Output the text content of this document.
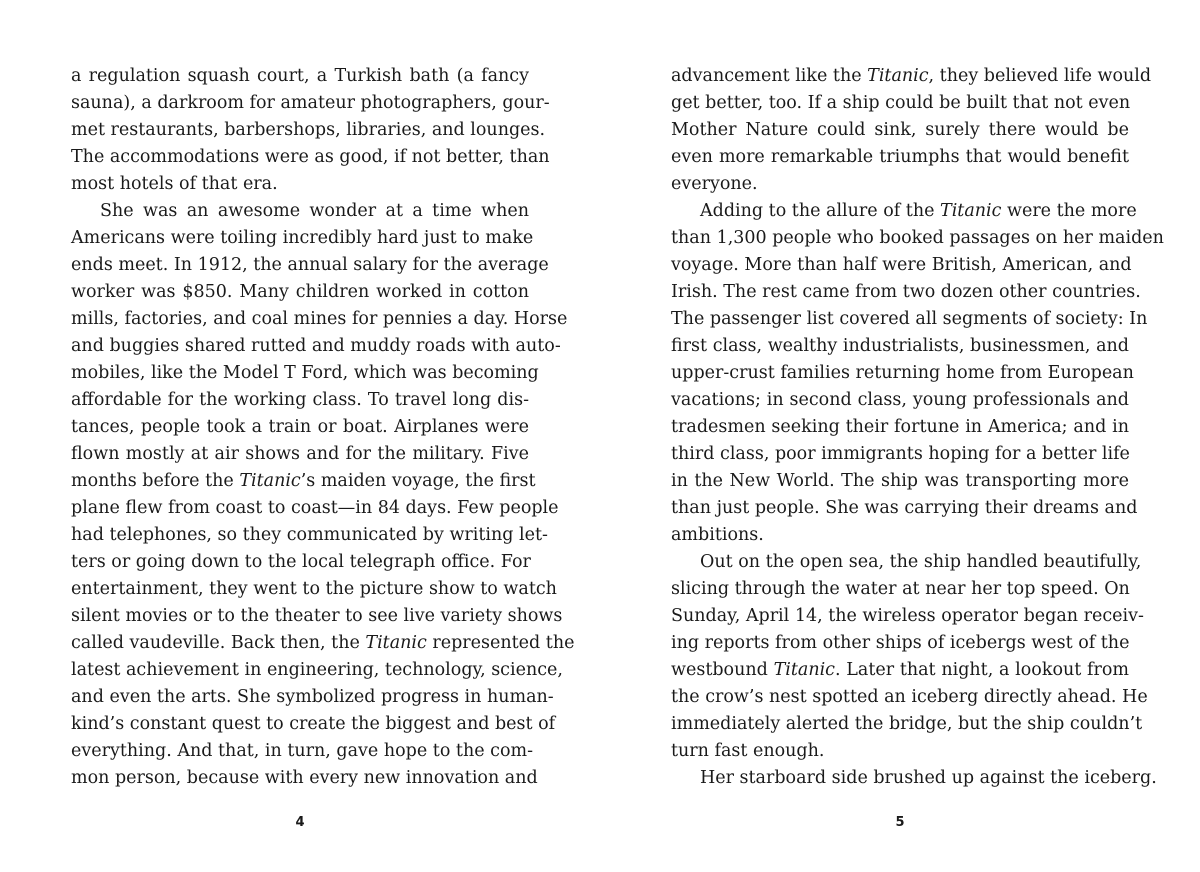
a regulation squash court, a Turkish bath (a fancy
sauna), a darkroom for amateur photographers, gour-
met restaurants, barbershops, libraries, and lounges.
The accommodations were as good, if not better, than
most hotels of that era.
She was an awesome wonder at a time when
Americans were toiling incredibly hard just to make
ends meet. In 1912, the annual salary for the average
worker was $850. Many children worked in cotton
mills, factories, and coal mines for pennies a day. Horse
and buggies shared rutted and muddy roads with auto-
mobiles, like the Model T Ford, which was becoming
affordable for the working class. To travel long dis-
tances, people took a train or boat. Airplanes were
flown mostly at air shows and for the military. Five
months before the Titanic’s maiden voyage, the first
plane flew from coast to coast—in 84 days. Few people
had telephones, so they communicated by writing let-
ters or going down to the local telegraph office. For
entertainment, they went to the picture show to watch
silent movies or to the theater to see live variety shows
called vaudeville. Back then, the Titanic represented the
latest achievement in engineering, technology, science,
and even the arts. She symbolized progress in human-
kind’s constant quest to create the biggest and best of
everything. And that, in turn, gave hope to the com-
mon person, because with every new innovation and
advancement like the Titanic, they believed life would
get better, too. If a ship could be built that not even
Mother Nature could sink, surely there would be
even more remarkable triumphs that would benefit
everyone.
Adding to the allure of the Titanic were the more
than 1,300 people who booked passages on her maiden
voyage. More than half were British, American, and
Irish. The rest came from two dozen other countries.
The passenger list covered all segments of society: In
first class, wealthy industrialists, businessmen, and
upper-crust families returning home from European
vacations; in second class, young professionals and
tradesmen seeking their fortune in America; and in
third class, poor immigrants hoping for a better life
in the New World. The ship was transporting more
than just people. She was carrying their dreams and
ambitions.
Out on the open sea, the ship handled beautifully,
slicing through the water at near her top speed. On
Sunday, April 14, the wireless operator began receiv-
ing reports from other ships of icebergs west of the
westbound Titanic. Later that night, a lookout from
the crow’s nest spotted an iceberg directly ahead. He
immediately alerted the bridge, but the ship couldn’t
turn fast enough.
Her starboard side brushed up against the iceberg.
4	5
